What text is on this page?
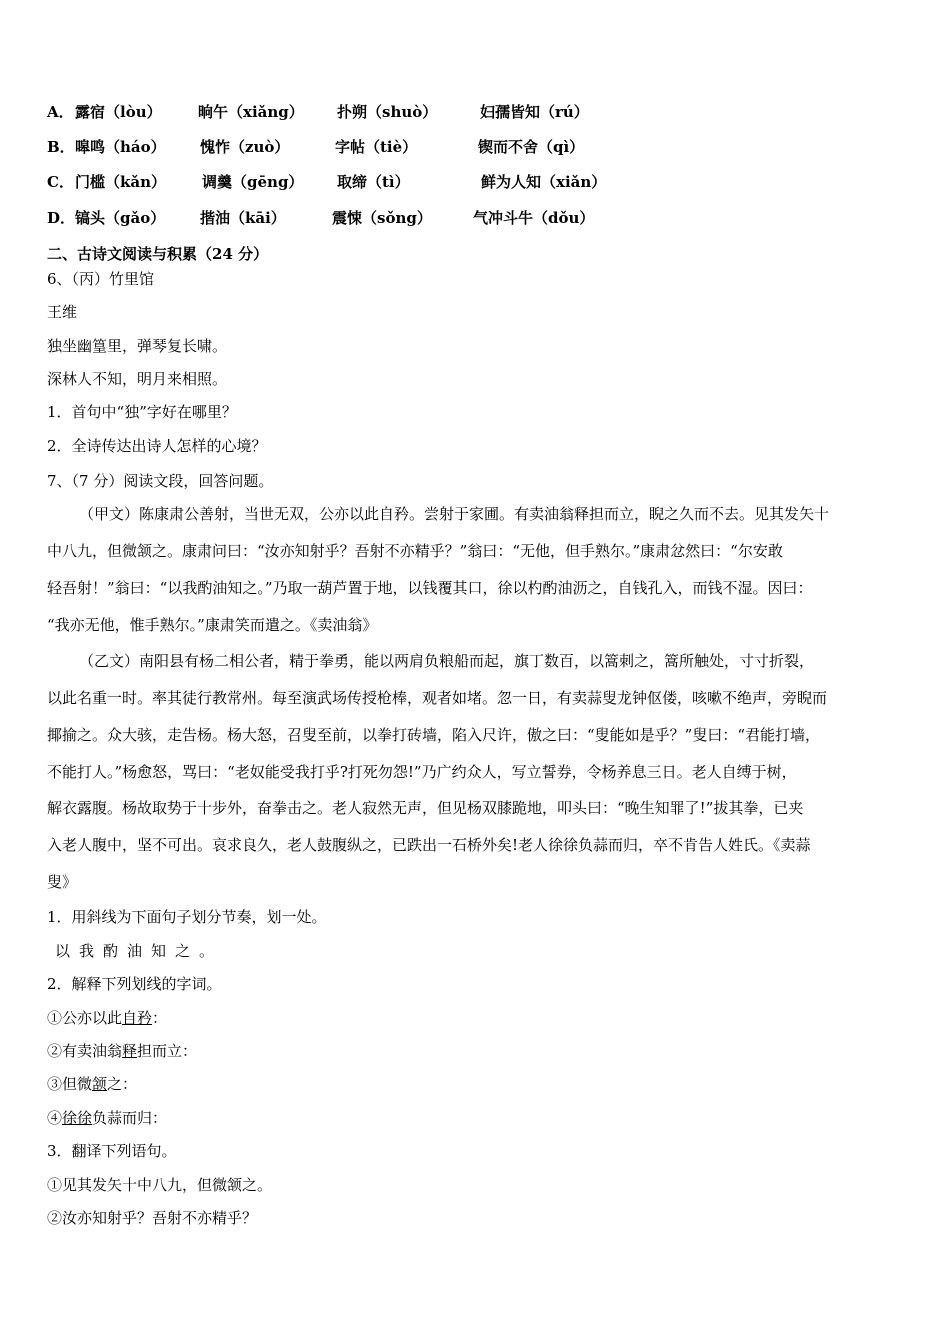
A． 露宿（lòu） 晌午（xiǎng） 扑朔（shuò）	妇孺皆知（rú）
B． 嗥鸣（háo） 愧怍（zuò）	字帖（tiè）	锲而不舍（qì）
C． 门槛（kǎn） 调羹（gēng） 取缔（tì）	鲜为人知（xiǎn）
D． 镐头（gǎo） 揩油（kāi）	震悚（sǒng）	气冲斗牛（dǒu）
二、古诗文阅读与积累（24 分）
6、（丙）竹里馆
王维
独坐幽篁里，弹琴复长啸。
深林人不知，明月来相照。
1．首句中“独”字好在哪里？
2．全诗传达出诗人怎样的心境？
7、（7 分）阅读文段，回答问题。
（甲文）陈康肃公善射，当世无双，公亦以此自矜。尝射于家圃。有卖油翁释担而立，睨之久而不去。见其发矢十
中八九，但微颔之。康肃问曰：“汝亦知射乎？吾射不亦精乎？”翁曰：“无他，但手熟尔。”康肃忿然曰：“尔安敢
轻吾射！”翁曰：“以我酌油知之。”乃取一葫芦置于地，以钱覆其口，徐以杓酌油沥之，自钱孔入，而钱不湿。因曰：
“我亦无他，惟手熟尔。”康肃笑而遣之。《卖油翁》
（乙文）南阳县有杨二相公者，精于拳勇，能以两肩负粮船而起，旗丁数百，以篙刺之，篙所触处，寸寸折裂，
以此名重一时。率其徒行教常州。每至演武场传授枪棒，观者如堵。忽一日，有卖蒜叟龙钟伛偻，咳嗽不绝声，旁睨而
揶揄之。众大骇，走告杨。杨大怒，召叟至前，以拳打砖墙，陷入尺许，傲之曰：“叟能如是乎？”叟曰：“君能打墙，
不能打人。”杨愈怒，骂曰：“老奴能受我打乎?打死勿怨!”乃广约众人，写立誓券，令杨养息三日。老人自缚于树，
解衣露腹。杨故取势于十步外，奋拳击之。老人寂然无声，但见杨双膝跪地，叩头曰：“晚生知罪了!”拔其拳，已夹
入老人腹中，坚不可出。哀求良久，老人鼓腹纵之，已跌出一石桥外矣!老人徐徐负蒜而归，卒不肯告人姓氏。《卖蒜
叟》
1．用斜线为下面句子划分节奏，划一处。
以我酌油知之。
2．解释下列划线的字词。
①公亦以此自矜：
②有卖油翁释担而立：
③但微颔之：
④徐徐负蒜而归：
3．翻译下列语句。
①见其发矢十中八九，但微颔之。
②汝亦知射乎？吾射不亦精乎？
